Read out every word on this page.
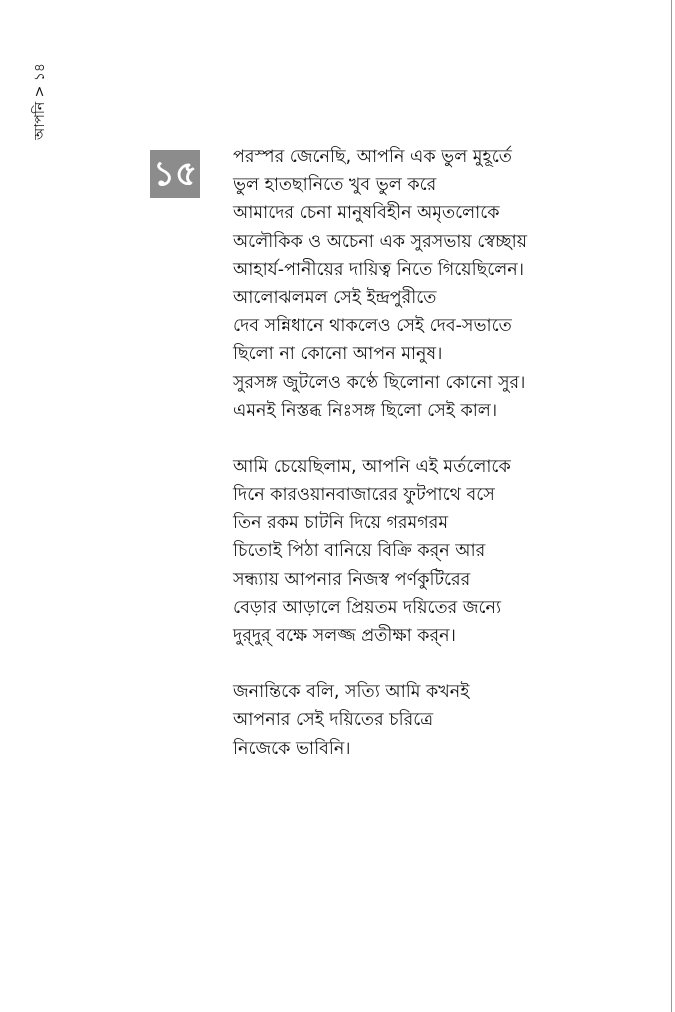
আপনি > ১৪
১৫ পরস্পর জেনেছি, আপনি এক ভুল মুহূর্তে
ভুল হাতছানিতে খুব ভুল করে
আমাদের চেনা মানুষবিহীন অমৃতলোকে
অলৌকিক ও অচেনা এক সুরসভায় স্বেচ্ছায়
আহার্য-পানীয়ের দায়িত্ব নিতে গিয়েছিলেন।
আলোঝলমল সেই ইন্দ্রপুরীতে
দেব সন্নিধানে থাকলেও সেই দেব-সভাতে
ছিলো না কোনো আপন মানুষ।
সুরসঙ্গ জুটলেও কণ্ঠে ছিলোনা কোনো সুর।
এমনই নিস্তব্ধ নিঃসঙ্গ ছিলো সেই কাল।
আমি চেয়েছিলাম, আপনি এই মর্তলোকে
দিনে কারওয়ানবাজারের ফুটপাথে বসে
তিন রকম চাটনি দিয়ে গরমগরম
চিতোই পিঠা বানিয়ে বিক্রি কর‍্ন আর
সন্ধ্যায় আপনার নিজস্ব পর্ণকুটিরের
বেড়ার আড়ালে প্রিয়তম দয়িতের জন্যে
দুর‍্দুর‍্ বক্ষে সলজ্জ প্রতীক্ষা কর‍্ন।
জনান্তিকে বলি, সত্যি আমি কখনই
আপনার সেই দয়িতের চরিত্রে
নিজেকে ভাবিনি।
